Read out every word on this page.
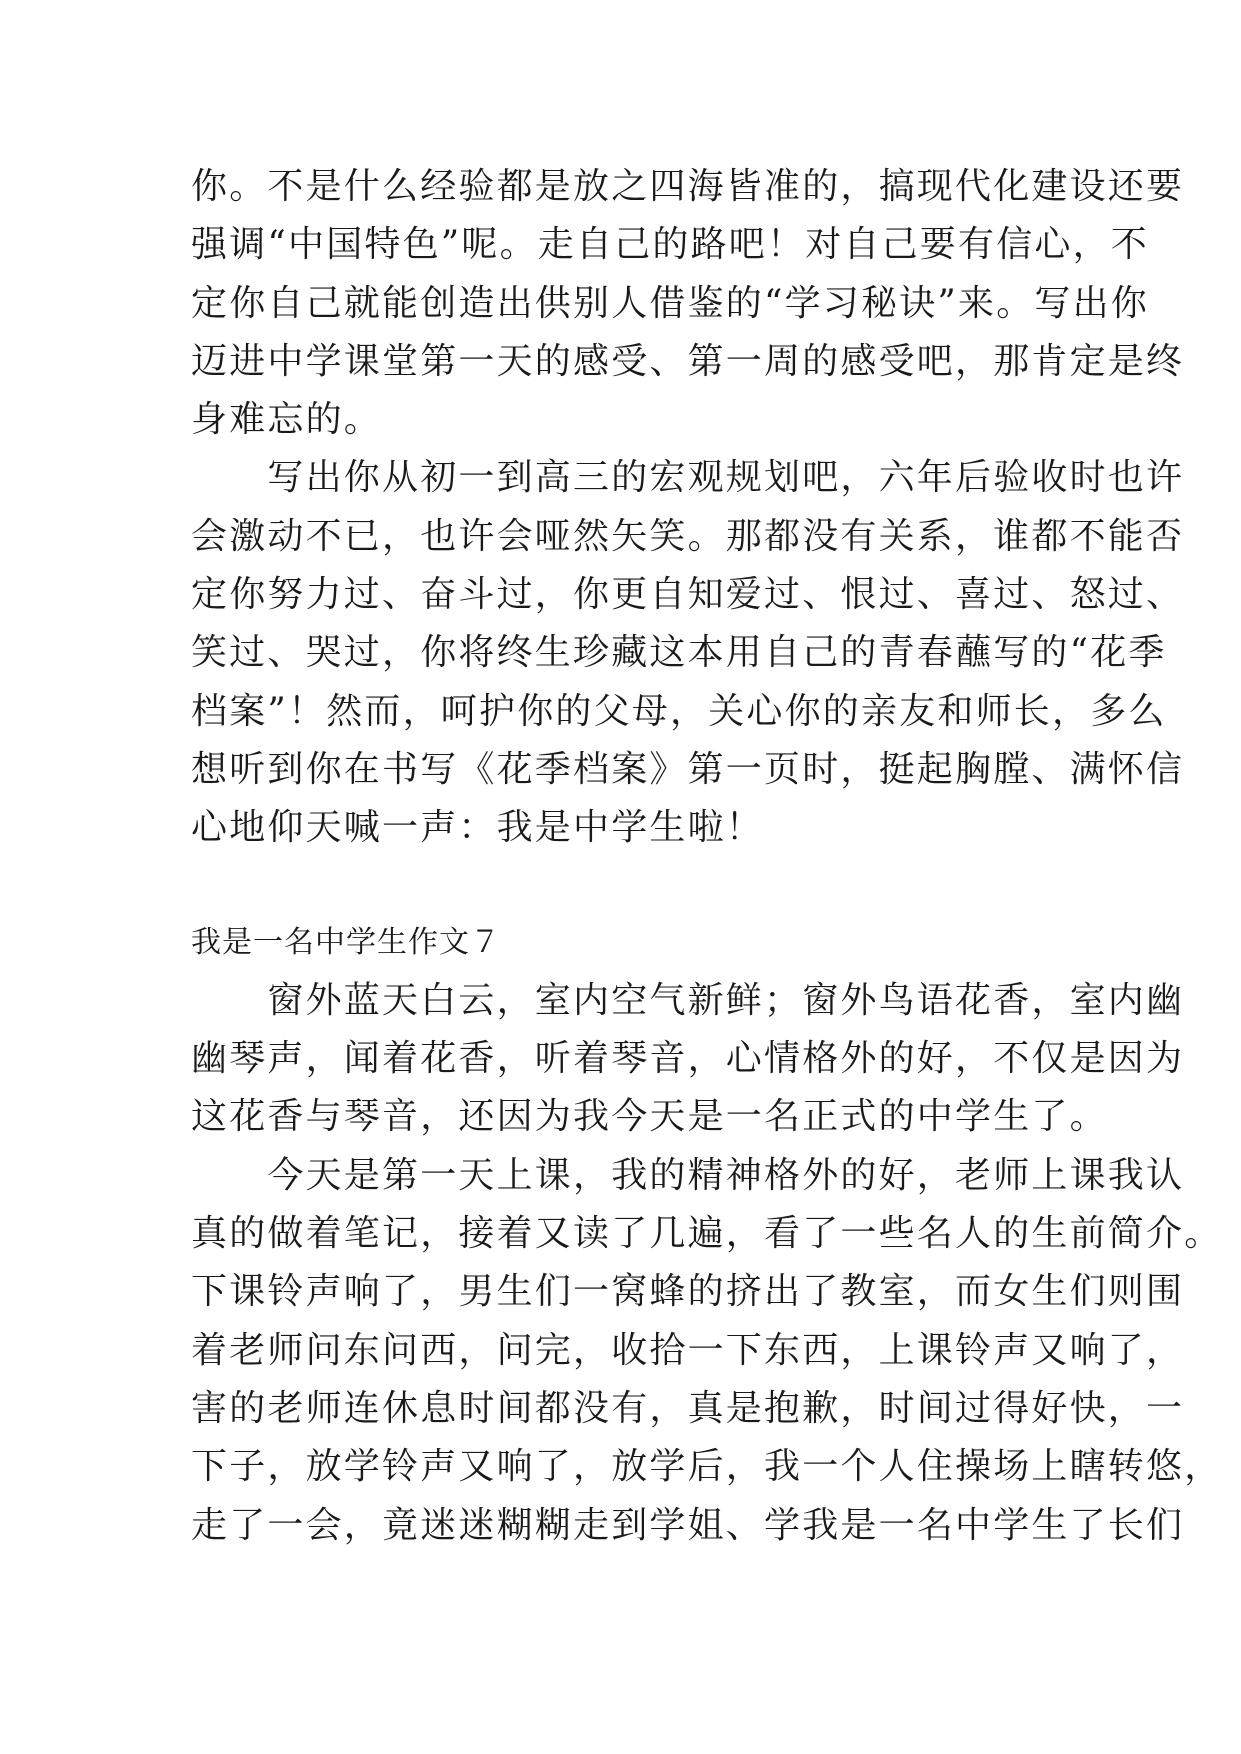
你。不是什么经验都是放之四海皆准的，搞现代化建设还要
强调“中国特色”呢。走自己的路吧！对自己要有信心，不
定你自己就能创造出供别人借鉴的“学习秘诀”来。写出你
迈进中学课堂第一天的感受、第一周的感受吧，那肯定是终
身难忘的。
　　写出你从初一到高三的宏观规划吧，六年后验收时也许
会激动不已，也许会哑然矢笑。那都没有关系，谁都不能否
定你努力过、奋斗过，你更自知爱过、恨过、喜过、怒过、
笑过、哭过，你将终生珍藏这本用自己的青春蘸写的“花季
档案”！然而，呵护你的父母，关心你的亲友和师长，多么
想听到你在书写《花季档案》第一页时，挺起胸膛、满怀信
心地仰天喊一声：我是中学生啦！
我是一名中学生作文７
　　窗外蓝天白云，室内空气新鲜；窗外鸟语花香，室内幽
幽琴声，闻着花香，听着琴音，心情格外的好，不仅是因为
这花香与琴音，还因为我今天是一名正式的中学生了。
　　今天是第一天上课，我的精神格外的好，老师上课我认
真的做着笔记，接着又读了几遍，看了一些名人的生前简介。
下课铃声响了，男生们一窝蜂的挤出了教室，而女生们则围
着老师问东问西，问完，收拾一下东西，上课铃声又响了，
害的老师连休息时间都没有，真是抱歉，时间过得好快，一
下子，放学铃声又响了，放学后，我一个人住操场上瞎转悠，
走了一会，竟迷迷糊糊走到学姐、学我是一名中学生了长们
